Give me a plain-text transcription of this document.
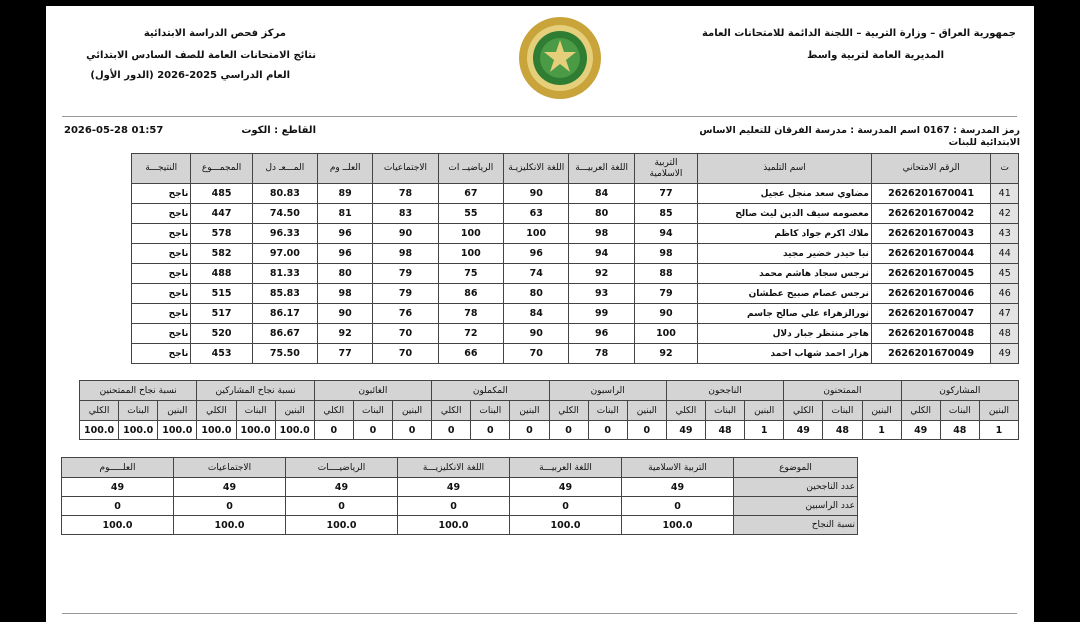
جمهورية العراق – وزارة التربية – اللجنة الدائمة للامتحانات العامة
المديرية العامة لتربية واسط
مركز فحص الدراسة الابتدائية
نتائج الامتحانات العامة للصف السادس الابتدائي
العام الدراسي 2025-2026 (الدور الأول)
رمز المدرسة : 0167 اسم المدرسة : مدرسة الفرقان للتعليم الاساس الابتدائية للبنات
القاطع : الكوت
2026-05-28 01:57
ت	الرقم الامتحاني	اسم التلميذ	التربية الاسلامية	اللغة العربيـــة	اللغة الانكليزيـة	الرياضيــ ات	الاجتماعيات	العلــ وم	المـــعـ دل	المجمـــوع	النتيجـــة
41	2626201670041	مضاوي سعد منجل عجيل	77	84	90	67	78	89	80.83	485	ناجح
42	2626201670042	معصومه سيف الدين ليث صالح	85	80	63	55	83	81	74.50	447	ناجح
43	2626201670043	ملاك اكرم جواد كاظم	94	98	100	100	90	96	96.33	578	ناجح
44	2626201670044	نبا حيدر خضير مجيد	98	94	96	100	98	96	97.00	582	ناجح
45	2626201670045	نرجس سجاد هاشم محمد	88	92	74	75	79	80	81.33	488	ناجح
46	2626201670046	نرجس عصام صبيح عطشان	79	93	80	86	79	98	85.83	515	ناجح
47	2626201670047	نورالزهراء علي صالح جاسم	90	99	84	78	76	90	86.17	517	ناجح
48	2626201670048	هاجر منتظر جبار دلال	100	96	90	72	70	92	86.67	520	ناجح
49	2626201670049	هزار احمد شهاب احمد	92	78	70	66	70	77	75.50	453	ناجح
المشاركون			الممتحنون			الناجحون			الراسبون			المكملون			الغائبون			نسبة نجاح المشاركين			نسبة نجاح الممتحنين		
البنين	البنات	الكلي	البنين	البنات	الكلي	البنين	البنات	الكلي	البنين	البنات	الكلي	البنين	البنات	الكلي	البنين	البنات	الكلي	البنين	البنات	الكلي	البنين	البنات	الكلي
1	48	49	1	48	49	1	48	49	0	0	0	0	0	0	0	0	0	100.0	100.0	100.0	100.0	100.0	100.0
الموضوع	التربية الاسلامية	اللغة العربيـــة	اللغة الانكليزيـــة	الرياضيــــات	الاجتماعيات	العلـــــوم
عدد الناجحين	49	49	49	49	49	49
عدد الراسبين	0	0	0	0	0	0
نسبة النجاح	100.0	100.0	100.0	100.0	100.0	100.0
